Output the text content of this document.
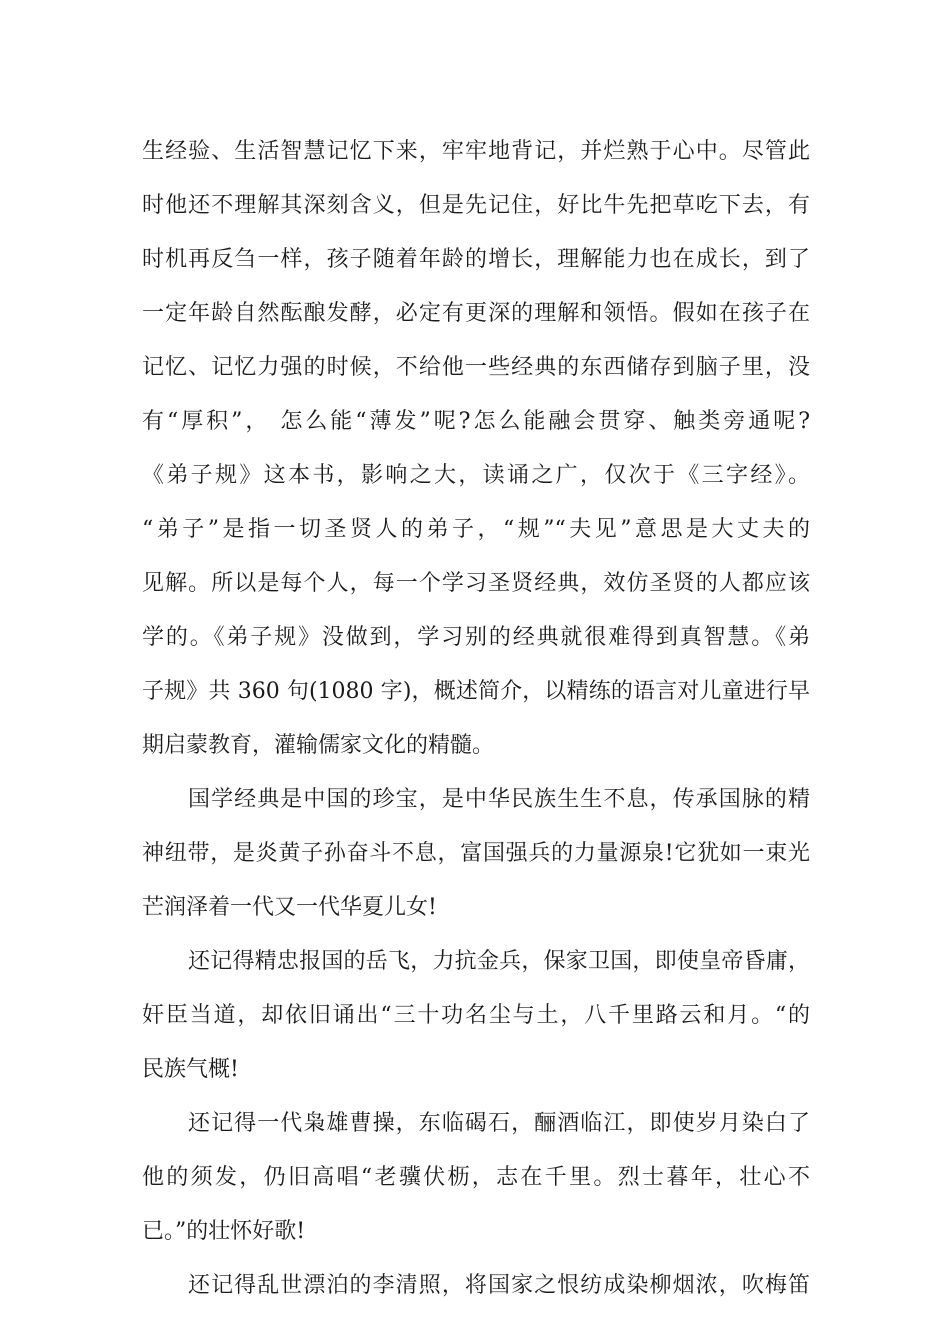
生经验、生活智慧记忆下来，牢牢地背记，并烂熟于心中。尽管此
时他还不理解其深刻含义，但是先记住，好比牛先把草吃下去，有
时机再反刍一样，孩子随着年龄的增长，理解能力也在成长，到了
一定年龄自然酝酿发酵，必定有更深的理解和领悟。假如在孩子在
记忆、记忆力强的时候，不给他一些经典的东西储存到脑子里，没
有“厚积”， 怎么能“薄发”呢?怎么能融会贯穿、触类旁通呢?
《弟子规》这本书，影响之大，读诵之广，仅次于《三字经》。
“弟子”是指一切圣贤人的弟子，“规”“夫见”意思是大丈夫的
见解。所以是每个人，每一个学习圣贤经典，效仿圣贤的人都应该
学的。《弟子规》没做到，学习别的经典就很难得到真智慧。《弟
子规》共 360 句(1080 字)，概述简介，以精练的语言对儿童进行早
期启蒙教育，灌输儒家文化的精髓。
国学经典是中国的珍宝，是中华民族生生不息，传承国脉的精
神纽带，是炎黄子孙奋斗不息，富国强兵的力量源泉!它犹如一束光
芒润泽着一代又一代华夏儿女!
还记得精忠报国的岳飞，力抗金兵，保家卫国，即使皇帝昏庸，
奸臣当道，却依旧诵出“三十功名尘与土，八千里路云和月。“的
民族气概!
还记得一代枭雄曹操，东临碣石，酾酒临江，即使岁月染白了
他的须发，仍旧高唱“老骥伏枥，志在千里。烈士暮年，壮心不
已。”的壮怀好歌!
还记得乱世漂泊的李清照，将国家之恨纺成染柳烟浓，吹梅笛
